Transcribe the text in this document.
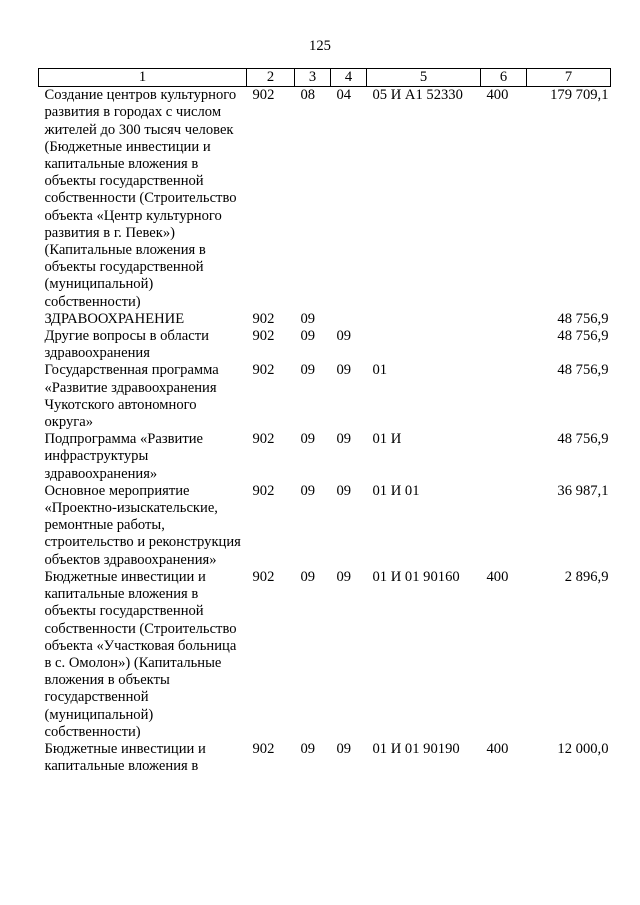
125
1	2	3	4	5	6	7
Создание центров культурного развития в городах с числом жителей до 300 тысяч человек (Бюджетные инвестиции и капитальные вложения в объекты государственной собственности (Строительство объекта «Центр культурного развития в г. Певек») (Капитальные вложения в объекты государственной (муниципальной) собственности)	902	08	04	05 И A1 52330	400	179 709,1
ЗДРАВООХРАНЕНИЕ	902	09				48 756,9
Другие вопросы в области здравоохранения	902	09	09			48 756,9
Государственная программа «Развитие здравоохранения Чукотского автономного округа»	902	09	09	01		48 756,9
Подпрограмма «Развитие инфраструктуры здравоохранения»	902	09	09	01 И		48 756,9
Основное мероприятие «Проектно-изыскательские, ремонтные работы, строительство и реконструкция объектов здравоохранения»	902	09	09	01 И 01		36 987,1
Бюджетные инвестиции и капитальные вложения в объекты государственной собственности (Строительство объекта «Участковая больница в с. Омолон») (Капитальные вложения в объекты государственной (муниципальной) собственности)	902	09	09	01 И 01 90160	400	2 896,9
Бюджетные инвестиции и капитальные вложения в	902	09	09	01 И 01 90190	400	12 000,0
